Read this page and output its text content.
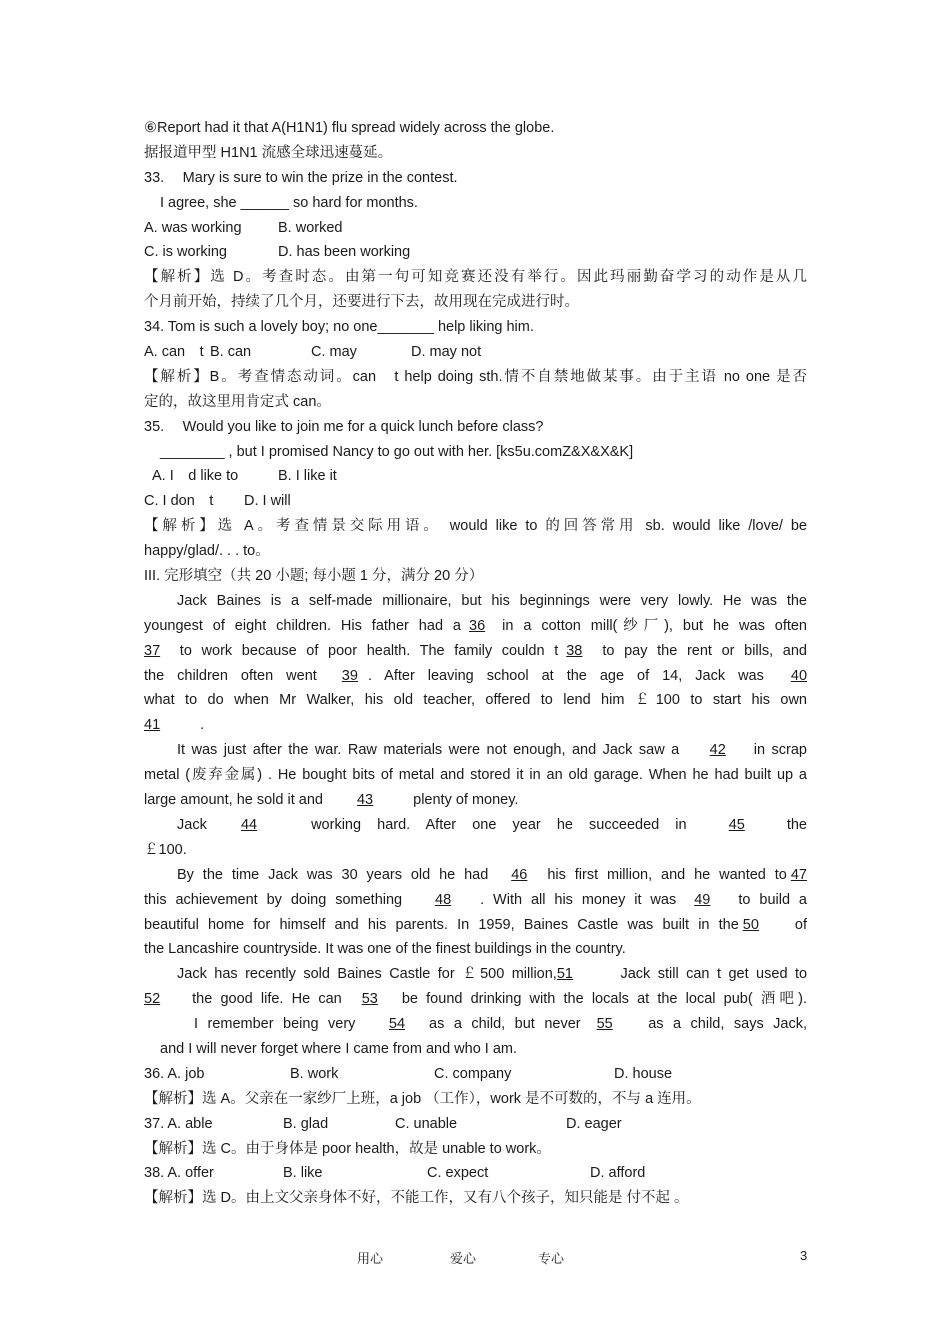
⑥Report had it that A(H1N1) flu spread widely across the globe.
据报道甲型 H1N1 流感全球迅速蔓延。
33.　 Mary is sure to win the prize in the contest.
I agree, she ______ so hard for months.
A. was working	B. worked
C. is working	D. has been working
【解析】选 D。考查时态。由第一句可知竞赛还没有举行。因此玛丽勤奋学习的动作是从几
个月前开始，持续了几个月，还要进行下去，故用现在完成进行时。
34. Tom is such a lovely boy; no one_______ help liking him.
A. can　t B. can	C. may	D. may not
【解析】B。考查情态动词。can　t help doing sth.情不自禁地做某事。由于主语 no one 是否
定的，故这里用肯定式 can。
35.　 Would you like to join me for a quick lunch before class?
________ , but I promised Nancy to go out with her. [ks5u.comZ&X&X&K]
A. I　d like to	B. I like it
C. I don　t D. I will
【解析】选 A。考查情景交际用语。 would like to 的回答常用 sb. would like /love/ be
happy/glad/. . . to。
III. 完形填空（共 20 小题; 每小题 1 分，满分 20 分）
Jack Baines is a self-made millionaire, but his beginnings were very lowly. He was the
youngest of eight children. His father had a 36 in a cotton mill(纱厂), but he was often
37 to work because of poor health. The family couldn t 38 to pay the rent or bills, and
the children often went 39 . After leaving school at the age of 14, Jack was 40
what to do when Mr Walker, his old teacher, offered to lend him ￡100 to start his own
41	.
It was just after the war. Raw materials were not enough, and Jack saw a 42 in scrap
metal (废弃金属) . He bought bits of metal and stored it in an old garage. When he had built up a
large amount, he sold it and 43	plenty of money.
Jack 44	working hard. After one year he succeeded in	45	the
￡100.
By the time Jack was 30 years old he had 46 his first million, and he wanted to 47
this achievement by doing something 48 . With all his money it was 49 to build a
beautiful home for himself and his parents. In 1959, Baines Castle was built in the 50 of
the Lancashire countryside. It was one of the finest buildings in the country.
Jack has recently sold Baines Castle for ￡500 million,51	Jack still can t get used to
52 the good life. He can 53 be found drinking with the locals at the local pub( 酒吧).
I remember being very 54 as a child, but never 55 as a child, says Jack,
and I will never forget where I came from and who I am.
36. A. job	B. work	C. company	D. house
【解析】选 A。父亲在一家纱厂上班，a job （工作），work 是不可数的，不与 a 连用。
37. A. able	B. glad	C. unable	D. eager
【解析】选 C。由于身体是 poor health，故是 unable to work。
38. A. offer	B. like	C. expect	D. afford
【解析】选 D。由上文父亲身体不好，不能工作，又有八个孩子，知只能是 付不起 。
用心	爱心	专心	3
